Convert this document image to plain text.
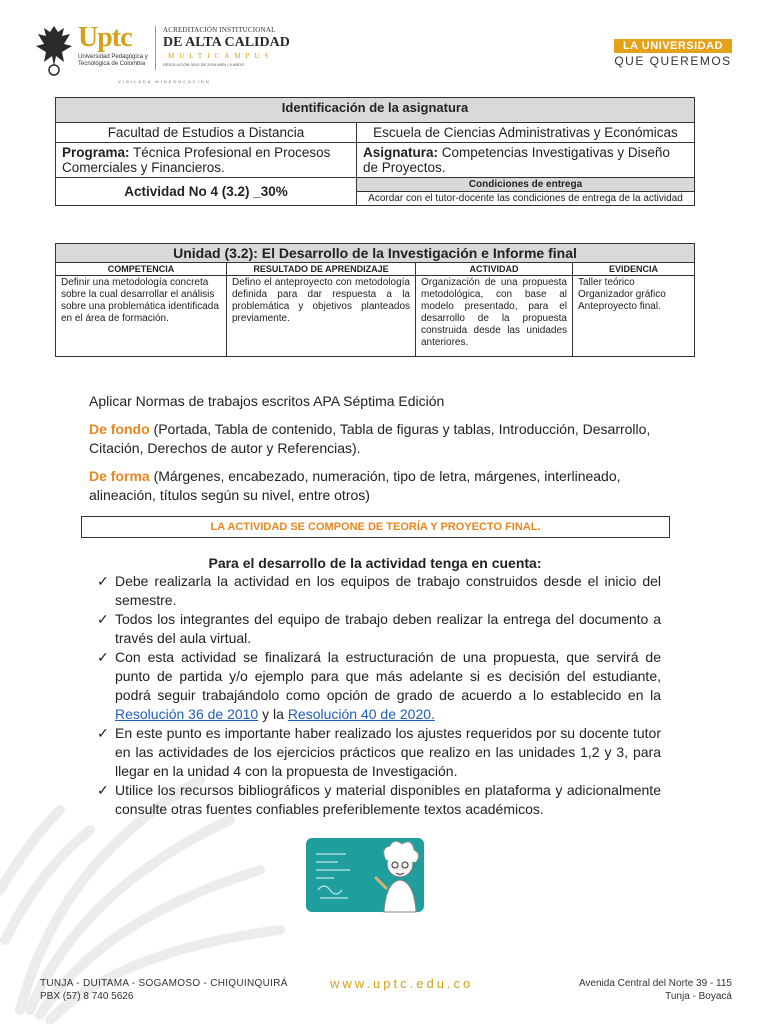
Uptc
Universidad Pedagógica y Tecnológica de Colombia
ACREDITACIÓN INSTITUCIONAL
DE ALTA CALIDAD
MULTICAMPUS
RESOLUCIÓN 3910 DE 2015 MEN / 6 AÑOS
VIGILADA MINEDUCACIÓN
LA UNIVERSIDAD
QUE QUEREMOS
Identificación de la asignatura	
Facultad de Estudios a Distancia	Escuela de Ciencias Administrativas y Económicas
Programa: Técnica Profesional en Procesos Comerciales y Financieros.	Asignatura: Competencias Investigativas y Diseño de Proyectos.
Actividad No 4 (3.2) _30%	Condiciones de entrega
	Acordar con el tutor-docente las condiciones de entrega de la actividad
Unidad (3.2): El Desarrollo de la Investigación e Informe final			
COMPETENCIA	RESULTADO DE APRENDIZAJE	ACTIVIDAD	EVIDENCIA
Definir una metodología concreta sobre la cual desarrollar el análisis sobre una problemática identificada en el área de formación.	Defino el anteproyecto con metodología definida para dar respuesta a la problemática y objetivos planteados previamente.	Organización de una propuesta metodológica, con base al modelo presentado, para el desarrollo de la propuesta construida desde las unidades anteriores.	Taller teórico
Organizador gráfico
Anteproyecto final.
Aplicar Normas de trabajos escritos APA Séptima Edición
De fondo (Portada, Tabla de contenido, Tabla de figuras y tablas, Introducción, Desarrollo, Citación, Derechos de autor y Referencias).
De forma (Márgenes, encabezado, numeración, tipo de letra, márgenes, interlineado, alineación, títulos según su nivel, entre otros)
LA ACTIVIDAD SE COMPONE DE TEORÍA Y PROYECTO FINAL.
Para el desarrollo de la actividad tenga en cuenta:
✓ Debe realizarla la actividad en los equipos de trabajo construidos desde el inicio del semestre.
✓ Todos los integrantes del equipo de trabajo deben realizar la entrega del documento a través del aula virtual.
✓ Con esta actividad se finalizará la estructuración de una propuesta, que servirá de punto de partida y/o ejemplo para que más adelante si es decisión del estudiante, podrá seguir trabajándolo como opción de grado de acuerdo a lo establecido en la Resolución 36 de 2010 y la Resolución 40 de 2020.
✓ En este punto es importante haber realizado los ajustes requeridos por su docente tutor en las actividades de los ejercicios prácticos que realizo en las unidades 1,2 y 3, para llegar en la unidad 4 con la propuesta de Investigación.
✓ Utilice los recursos bibliográficos y material disponibles en plataforma y adicionalmente consulte otras fuentes confiables preferiblemente textos académicos.
TUNJA - DUITAMA - SOGAMOSO - CHIQUINQUIRÁ
PBX (57) 8 740 5626
www.uptc.edu.co	Avenida Central del Norte 39 - 115
Tunja - Boyacá
